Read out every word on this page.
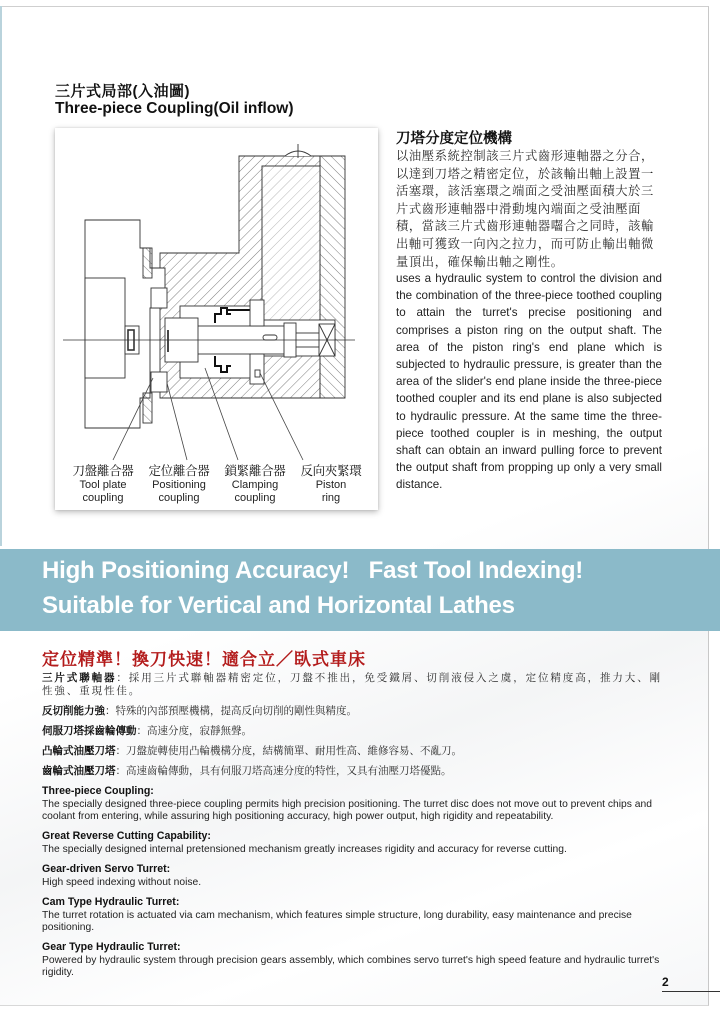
三片式局部(入油圖)
Three-piece Coupling(Oil inflow)
刀盤離合器
Tool plate
coupling
定位離合器
Positioning
coupling
鎖緊離合器
Clamping
coupling
反向夾緊環
Piston
ring
刀塔分度定位機構
以油壓系統控制該三片式齒形連軸器之分合，以達到刀塔之精密定位，於該輸出軸上設置一活塞環，該活塞環之端面之受油壓面積大於三片式齒形連軸器中滑動塊內端面之受油壓面積，當該三片式齒形連軸器囓合之同時，該輸出軸可獲致一向內之拉力，而可防止輸出軸微量頂出，確保輸出軸之剛性。
uses a hydraulic system to control the division and the combination of the three-piece toothed coupling to attain the turret's precise positioning and comprises a piston ring on the output shaft. The area of the piston ring's end plane which is subjected to hydraulic pressure, is greater than the area of the slider's end plane inside the three-piece toothed coupler and its end plane is also subjected to hydraulic pressure. At the same time the three-piece toothed coupler is in meshing, the output shaft can obtain an inward pulling force to prevent the output shaft from propping up only a very small distance.
High Positioning Accuracy!   Fast Tool Indexing!
Suitable for Vertical and Horizontal Lathes
定位精準！換刀快速！適合立／臥式車床
三片式聯軸器：採用三片式聯軸器精密定位，刀盤不推出，免受鐵屑、切削液侵入之虞，定位精度高，推力大、剛性強、重現性佳。
反切削能力強：特殊的內部預壓機構，提高反向切削的剛性與精度。
伺服刀塔採齒輪傳動：高速分度，寂靜無聲。
凸輪式油壓刀塔：刀盤旋轉使用凸輪機構分度，結構簡單、耐用性高、維修容易、不亂刀。
齒輪式油壓刀塔：高速齒輪傳動，具有伺服刀塔高速分度的特性，又具有油壓刀塔優點。
Three-piece Coupling:
The specially designed three-piece coupling permits high precision positioning. The turret disc does not move out to prevent chips and coolant from entering, while assuring high positioning accuracy, high power output, high rigidity and repeatability.
Great Reverse Cutting Capability:
The specially designed internal pretensioned mechanism greatly increases rigidity and accuracy for reverse cutting.
Gear-driven Servo Turret:
High speed indexing without noise.
Cam Type Hydraulic Turret:
The turret rotation is actuated via cam mechanism, which features simple structure, long durability, easy maintenance and precise positioning.
Gear Type Hydraulic Turret:
Powered by hydraulic system through precision gears assembly, which combines servo turret's high speed feature and hydraulic turret's rigidity.
2
